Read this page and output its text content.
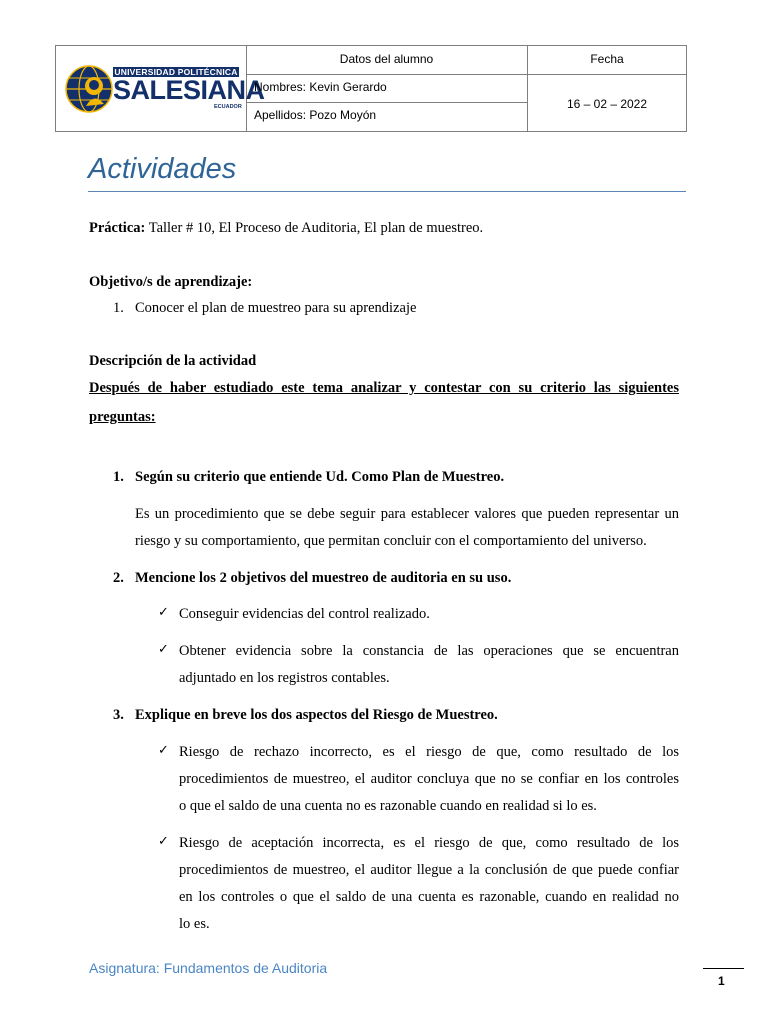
UNIVERSIDAD POLITÉCNICA
SALESIANA
ECUADOR
Datos del alumno	Fecha
Nombres: Kevin Gerardo
Apellidos: Pozo Moyón
16 – 02 – 2022
Actividades
Práctica: Taller # 10, El Proceso de Auditoria, El plan de muestreo.
Objetivo/s de aprendizaje:
1. Conocer el plan de muestreo para su aprendizaje
Descripción de la actividad
Después de haber estudiado este tema analizar y contestar con su criterio las siguientes
preguntas:
1. Según su criterio que entiende Ud. Como Plan de Muestreo.
Es un procedimiento que se debe seguir para establecer valores que pueden representar un
riesgo y su comportamiento, que permitan concluir con el comportamiento del universo.
2. Mencione los 2 objetivos del muestreo de auditoria en su uso.
✓ Conseguir evidencias del control realizado.
✓ Obtener evidencia sobre la constancia de las operaciones que se encuentran
adjuntado en los registros contables.
3. Explique en breve los dos aspectos del Riesgo de Muestreo.
✓ Riesgo de rechazo incorrecto, es el riesgo de que, como resultado de los
procedimientos de muestreo, el auditor concluya que no se confiar en los controles
o que el saldo de una cuenta no es razonable cuando en realidad si lo es.
✓ Riesgo de aceptación incorrecta, es el riesgo de que, como resultado de los
procedimientos de muestreo, el auditor llegue a la conclusión de que puede confiar
en los controles o que el saldo de una cuenta es razonable, cuando en realidad no
lo es.
Asignatura: Fundamentos de Auditoria
1
